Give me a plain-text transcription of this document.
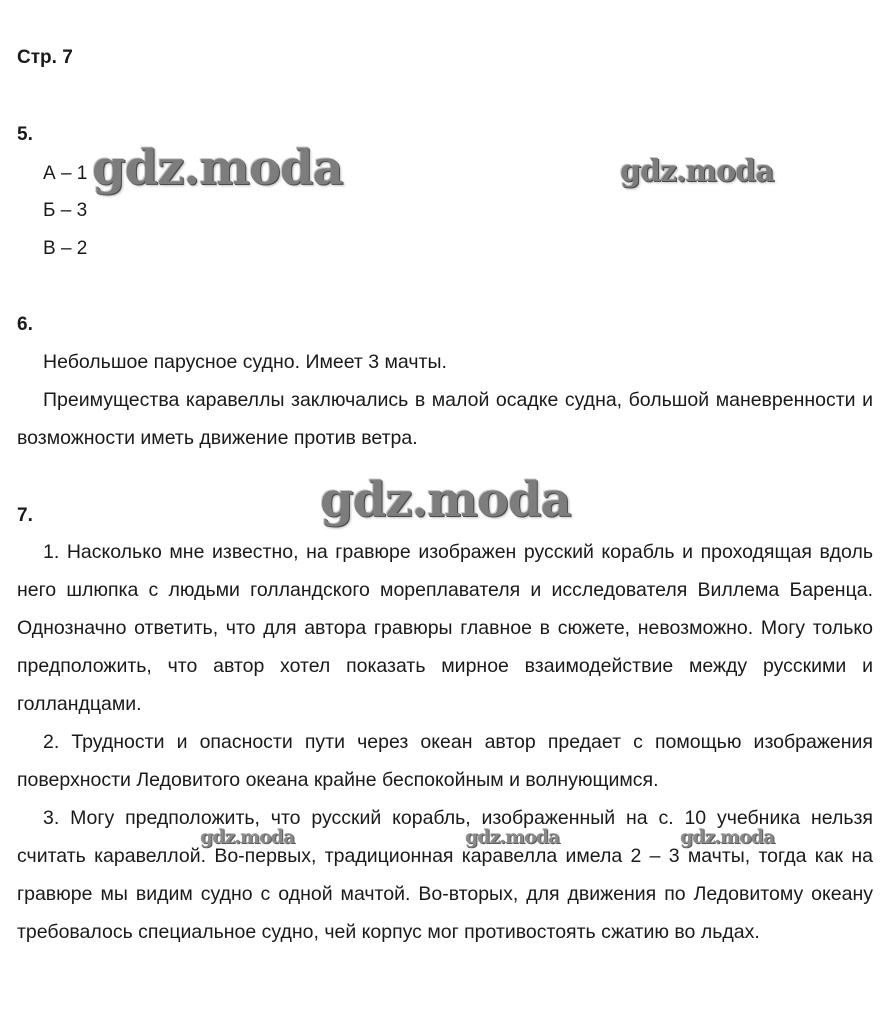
Стр. 7
5.
А – 1
Б – 3
В – 2
6.

Небольшое парусное судно. Имеет 3 мачты.

Преимущества каравеллы заключались в малой осадке судна, большой маневренности и возможности иметь движение против ветра.

7.

1. Насколько мне известно, на гравюре изображен русский корабль и проходящая вдоль него шлюпка с людьми голландского мореплавателя и исследователя Виллема Баренца. Однозначно ответить, что для автора гравюры главное в сюжете, невозможно. Могу только предположить, что автор хотел показать мирное взаимодействие между русскими и голландцами.

2. Трудности и опасности пути через океан автор предает с помощью изображения поверхности Ледовитого океана крайне беспокойным и волнующимся.

3. Могу предположить, что русский корабль, изображенный на с. 10 учебника нельзя считать каравеллой. Во-первых, традиционная каравелла имела 2 – 3 мачты, тогда как на гравюре мы видим судно с одной мачтой. Во-вторых, для движения по Ледовитому океану требовалось специальное судно, чей корпус мог противостоять сжатию во льдах.

gdz.moda	gdz.moda
gdz.moda
gdz.moda	gdz.moda	gdz.moda
